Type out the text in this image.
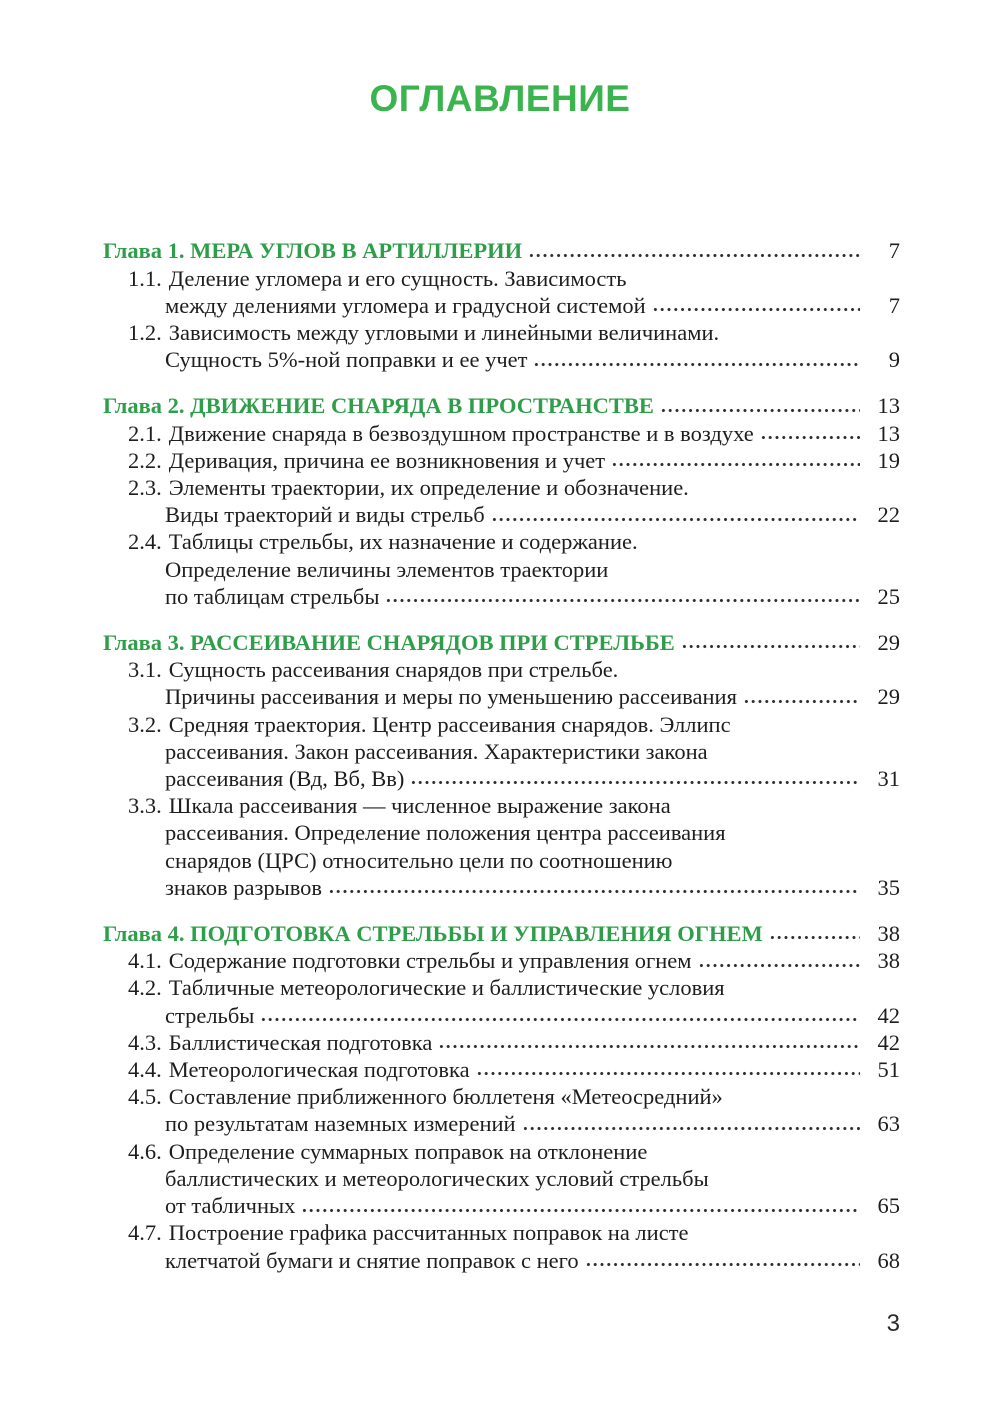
ОГЛАВЛЕНИЕ
Глава 1. МЕРА УГЛОВ В АРТИЛЛЕРИИ	7
1.1. Деление угломера и его сущность. Зависимость
между делениями угломера и градусной системой	7
1.2. Зависимость между угловыми и линейными величинами.
Сущность 5%-ной поправки и ее учет	9
Глава 2. ДВИЖЕНИЕ СНАРЯДА В ПРОСТРАНСТВЕ	13
2.1. Движение снаряда в безвоздушном пространстве и в воздухе	13
2.2. Деривация, причина ее возникновения и учет	19
2.3. Элементы траектории, их определение и обозначение.
Виды траекторий и виды стрельб	22
2.4. Таблицы стрельбы, их назначение и содержание.
Определение величины элементов траектории
по таблицам стрельбы	25
Глава 3. РАССЕИВАНИЕ СНАРЯДОВ ПРИ СТРЕЛЬБЕ	29
3.1. Сущность рассеивания снарядов при стрельбе.
Причины рассеивания и меры по уменьшению рассеивания	29
3.2. Средняя траектория. Центр рассеивания снарядов. Эллипс
рассеивания. Закон рассеивания. Характеристики закона
рассеивания (Вд, Вб, Вв)	31
3.3. Шкала рассеивания — численное выражение закона
рассеивания. Определение положения центра рассеивания
снарядов (ЦРС) относительно цели по соотношению
знаков разрывов	35
Глава 4. ПОДГОТОВКА СТРЕЛЬБЫ И УПРАВЛЕНИЯ ОГНЕМ	38
4.1. Содержание подготовки стрельбы и управления огнем	38
4.2. Табличные метеорологические и баллистические условия
стрельбы	42
4.3. Баллистическая подготовка	42
4.4. Метеорологическая подготовка	51
4.5. Составление приближенного бюллетеня «Метеосредний»
по результатам наземных измерений	63
4.6. Определение суммарных поправок на отклонение
баллистических и метеорологических условий стрельбы
от табличных	65
4.7. Построение графика рассчитанных поправок на листе
клетчатой бумаги и снятие поправок с него	68
3
